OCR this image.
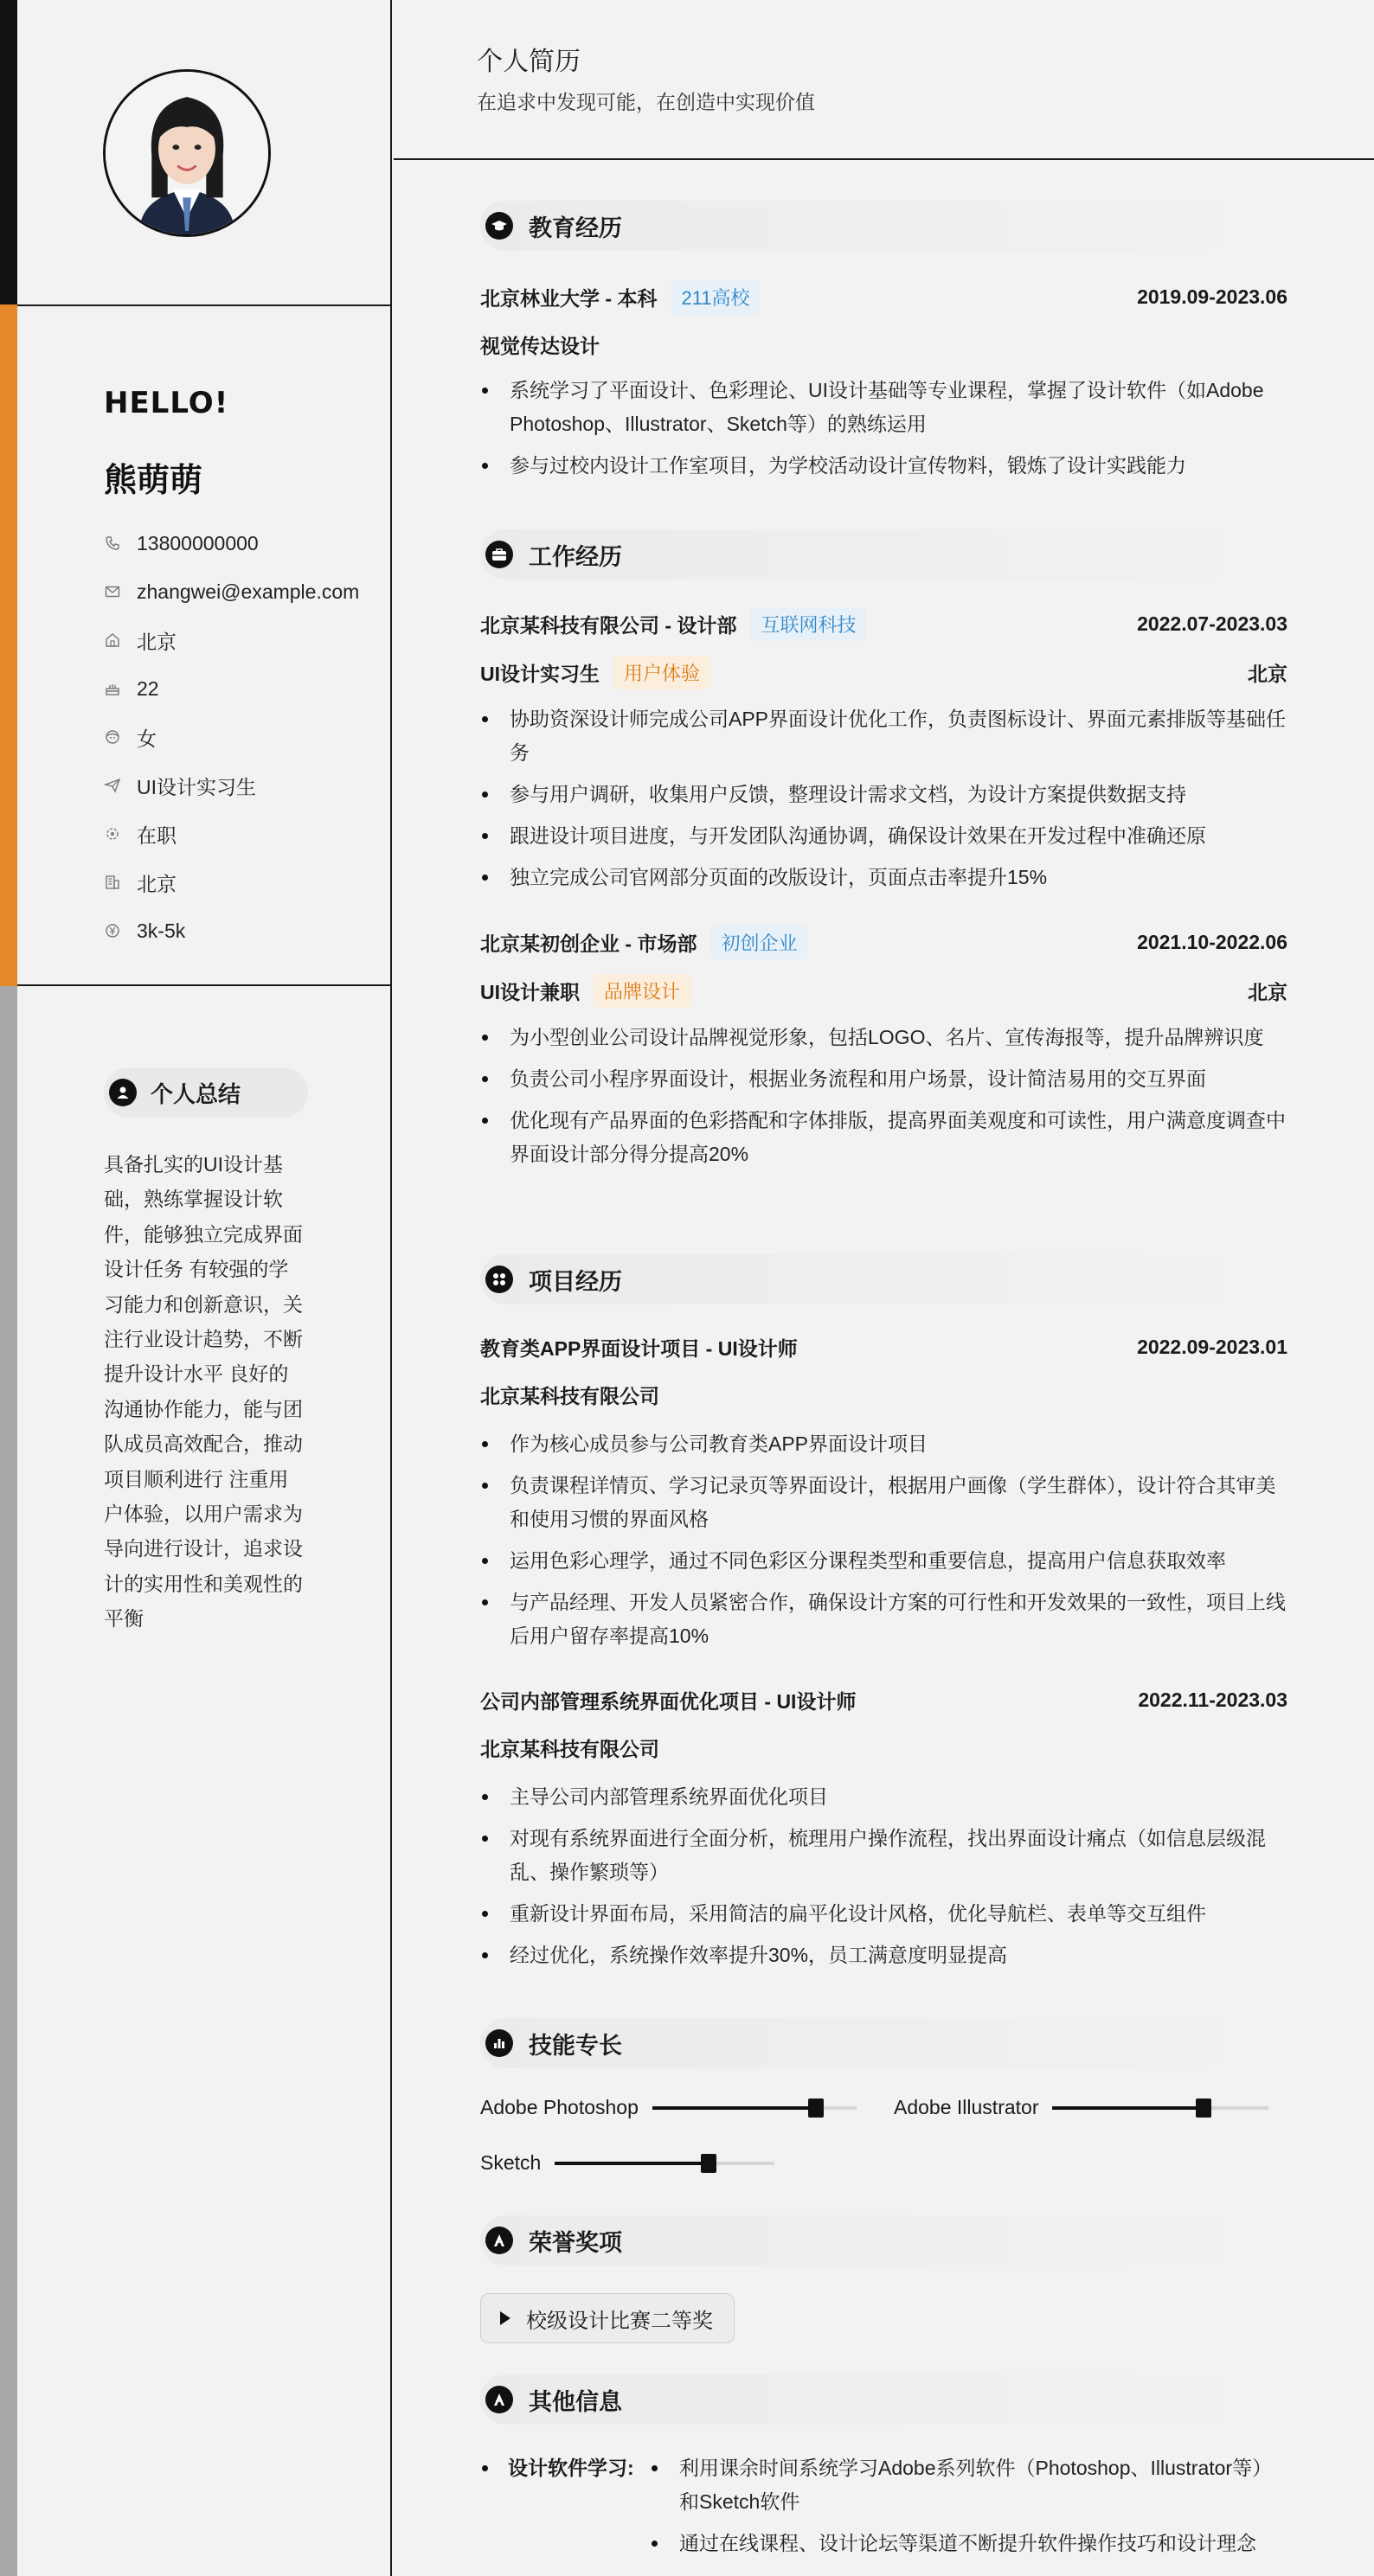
HELLO!
熊萌萌
13800000000
zhangwei@example.com
北京
22
女
UI设计实习生
在职
北京
3k-5k
个人总结
具备扎实的UI设计基础，熟练掌握设计软件，能够独立完成界面设计任务 有较强的学习能力和创新意识，关注行业设计趋势，不断提升设计水平 良好的沟通协作能力，能与团队成员高效配合，推动项目顺利进行 注重用户体验，以用户需求为导向进行设计，追求设计的实用性和美观性的平衡
个人简历
在追求中发现可能，在创造中实现价值
教育经历
北京林业大学 - 本科	211高校	2019.09-2023.06
视觉传达设计
系统学习了平面设计、色彩理论、UI设计基础等专业课程，掌握了设计软件（如Adobe Photoshop、Illustrator、Sketch等）的熟练运用
参与过校内设计工作室项目，为学校活动设计宣传物料，锻炼了设计实践能力
工作经历
北京某科技有限公司 - 设计部	互联网科技	2022.07-2023.03
UI设计实习生	用户体验	北京
协助资深设计师完成公司APP界面设计优化工作，负责图标设计、界面元素排版等基础任务
参与用户调研，收集用户反馈，整理设计需求文档，为设计方案提供数据支持
跟进设计项目进度，与开发团队沟通协调，确保设计效果在开发过程中准确还原
独立完成公司官网部分页面的改版设计，页面点击率提升15%
北京某初创企业 - 市场部	初创企业	2021.10-2022.06
UI设计兼职	品牌设计	北京
为小型创业公司设计品牌视觉形象，包括LOGO、名片、宣传海报等，提升品牌辨识度
负责公司小程序界面设计，根据业务流程和用户场景，设计简洁易用的交互界面
优化现有产品界面的色彩搭配和字体排版，提高界面美观度和可读性，用户满意度调查中界面设计部分得分提高20%
项目经历
教育类APP界面设计项目 - UI设计师	2022.09-2023.01
北京某科技有限公司
作为核心成员参与公司教育类APP界面设计项目
负责课程详情页、学习记录页等界面设计，根据用户画像（学生群体），设计符合其审美和使用习惯的界面风格
运用色彩心理学，通过不同色彩区分课程类型和重要信息，提高用户信息获取效率
与产品经理、开发人员紧密合作，确保设计方案的可行性和开发效果的一致性，项目上线后用户留存率提高10%
公司内部管理系统界面优化项目 - UI设计师	2022.11-2023.03
北京某科技有限公司
主导公司内部管理系统界面优化项目
对现有系统界面进行全面分析，梳理用户操作流程，找出界面设计痛点（如信息层级混乱、操作繁琐等）
重新设计界面布局，采用简洁的扁平化设计风格，优化导航栏、表单等交互组件
经过优化，系统操作效率提升30%，员工满意度明显提高
技能专长
Adobe Photoshop	Adobe Illustrator
Sketch
荣誉奖项
校级设计比赛二等奖
其他信息
设计软件学习:	利用课余时间系统学习Adobe系列软件（Photoshop、Illustrator等）和Sketch软件
通过在线课程、设计论坛等渠道不断提升软件操作技巧和设计理念
